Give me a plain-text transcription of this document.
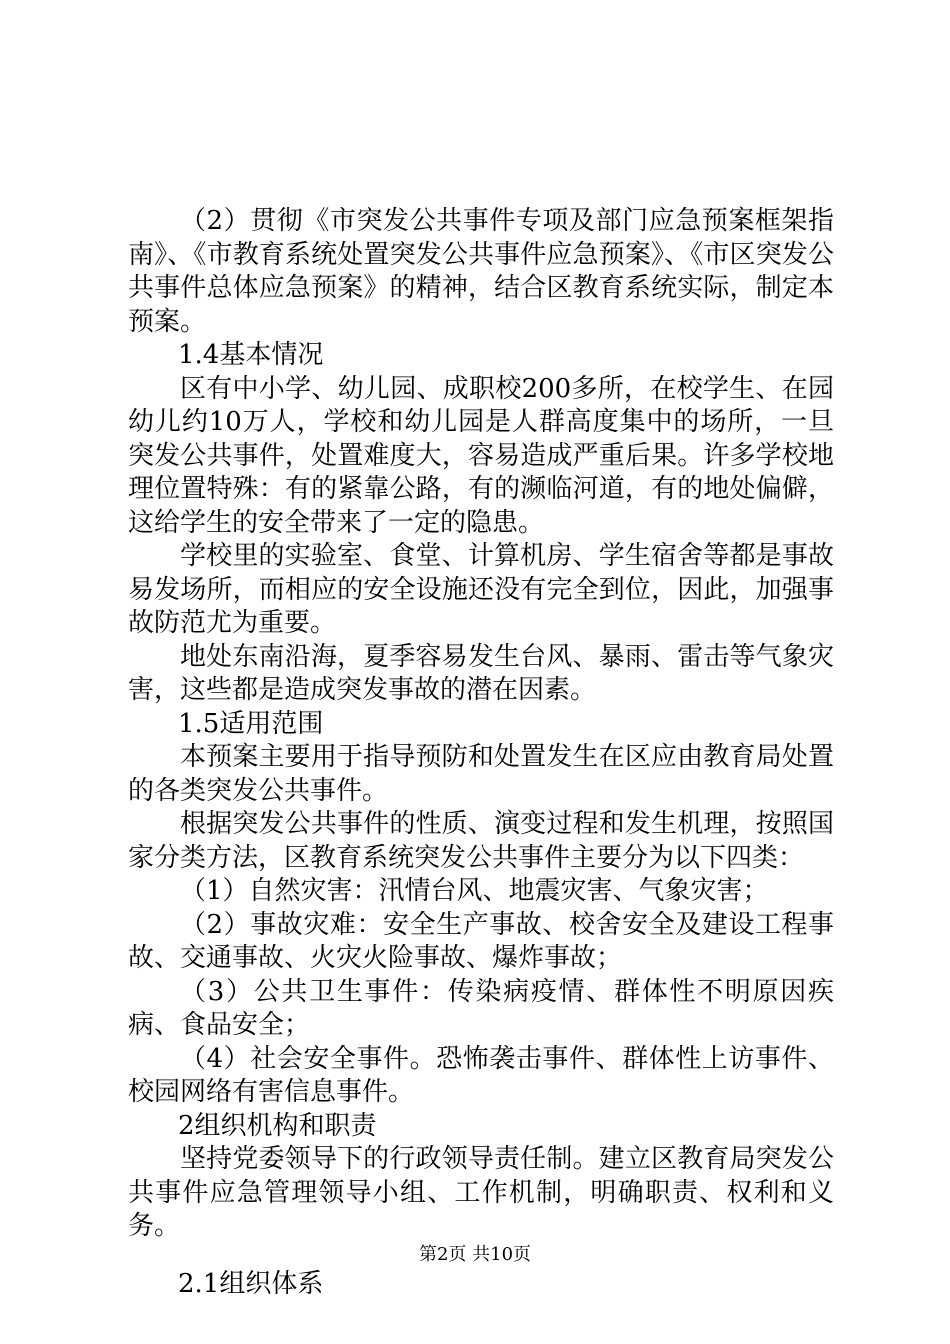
（2）贯彻《市突发公共事件专项及部门应急预案框架指南》、《市教育系统处置突发公共事件应急预案》、《市区突发公共事件总体应急预案》的精神，结合区教育系统实际，制定本预案。

1.4基本情况

区有中小学、幼儿园、成职校200多所，在校学生、在园幼儿约10万人，学校和幼儿园是人群高度集中的场所，一旦突发公共事件，处置难度大，容易造成严重后果。许多学校地理位置特殊：有的紧靠公路，有的濒临河道，有的地处偏僻，这给学生的安全带来了一定的隐患。

学校里的实验室、食堂、计算机房、学生宿舍等都是事故易发场所，而相应的安全设施还没有完全到位，因此，加强事故防范尤为重要。

地处东南沿海，夏季容易发生台风、暴雨、雷击等气象灾害，这些都是造成突发事故的潜在因素。

1.5适用范围

本预案主要用于指导预防和处置发生在区应由教育局处置的各类突发公共事件。

根据突发公共事件的性质、演变过程和发生机理，按照国家分类方法，区教育系统突发公共事件主要分为以下四类：

（1）自然灾害：汛情台风、地震灾害、气象灾害；

（2）事故灾难：安全生产事故、校舍安全及建设工程事故、交通事故、火灾火险事故、爆炸事故；

（3）公共卫生事件：传染病疫情、群体性不明原因疾病、食品安全；

（4）社会安全事件。恐怖袭击事件、群体性上访事件、校园网络有害信息事件。

2组织机构和职责

坚持党委领导下的行政领导责任制。建立区教育局突发公共事件应急管理领导小组、工作机制，明确职责、权利和义务。

2.1组织体系

第2页 共10页
